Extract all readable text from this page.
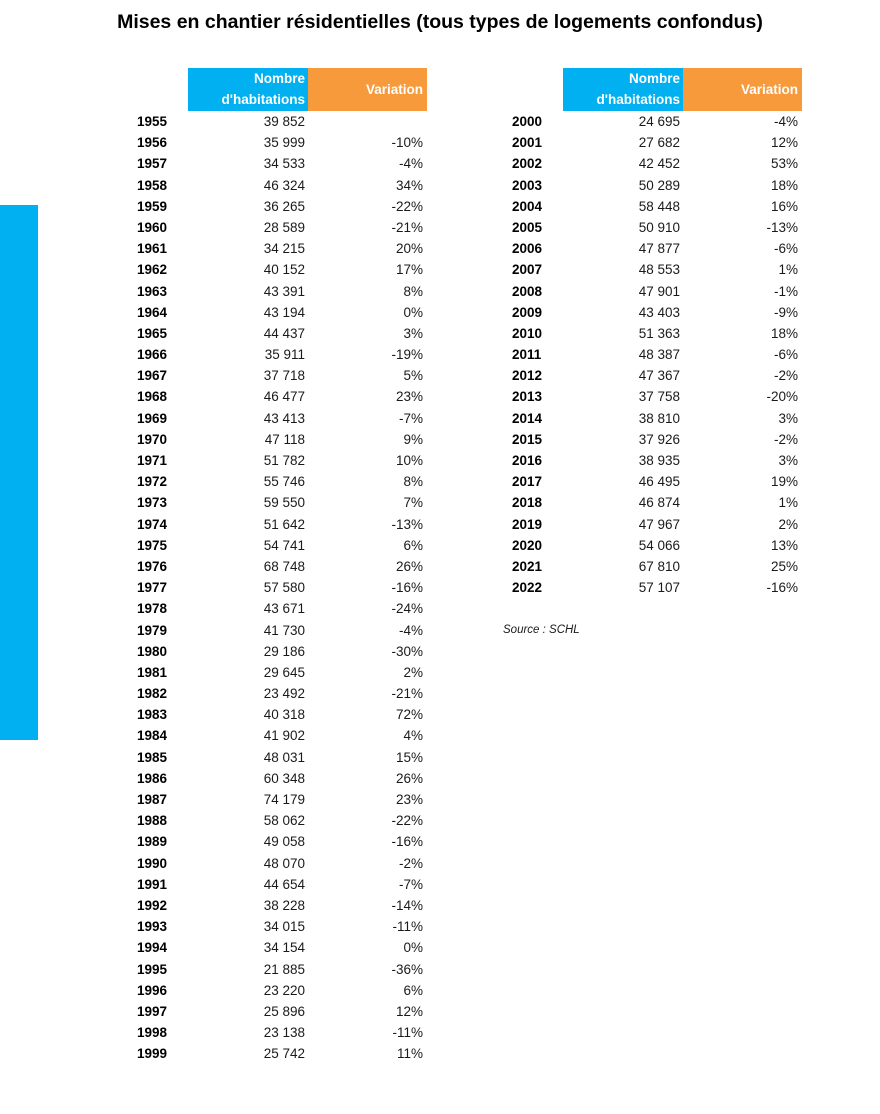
Mises en chantier résidentielles (tous types de logements confondus)
Nombre
d'habitations
Variation
1955	39 852
1956	35 999	-10%
1957	34 533	-4%
1958	46 324	34%
1959	36 265	-22%
1960	28 589	-21%
1961	34 215	20%
1962	40 152	17%
1963	43 391	8%
1964	43 194	0%
1965	44 437	3%
1966	35 911	-19%
1967	37 718	5%
1968	46 477	23%
1969	43 413	-7%
1970	47 118	9%
1971	51 782	10%
1972	55 746	8%
1973	59 550	7%
1974	51 642	-13%
1975	54 741	6%
1976	68 748	26%
1977	57 580	-16%
1978	43 671	-24%
1979	41 730	-4%
1980	29 186	-30%
1981	29 645	2%
1982	23 492	-21%
1983	40 318	72%
1984	41 902	4%
1985	48 031	15%
1986	60 348	26%
1987	74 179	23%
1988	58 062	-22%
1989	49 058	-16%
1990	48 070	-2%
1991	44 654	-7%
1992	38 228	-14%
1993	34 015	-11%
1994	34 154	0%
1995	21 885	-36%
1996	23 220	6%
1997	25 896	12%
1998	23 138	-11%
1999	25 742	11%
Nombre
d'habitations
Variation
2000	24 695	-4%
2001	27 682	12%
2002	42 452	53%
2003	50 289	18%
2004	58 448	16%
2005	50 910	-13%
2006	47 877	-6%
2007	48 553	1%
2008	47 901	-1%
2009	43 403	-9%
2010	51 363	18%
2011	48 387	-6%
2012	47 367	-2%
2013	37 758	-20%
2014	38 810	3%
2015	37 926	-2%
2016	38 935	3%
2017	46 495	19%
2018	46 874	1%
2019	47 967	2%
2020	54 066	13%
2021	67 810	25%
2022	57 107	-16%
Source : SCHL
